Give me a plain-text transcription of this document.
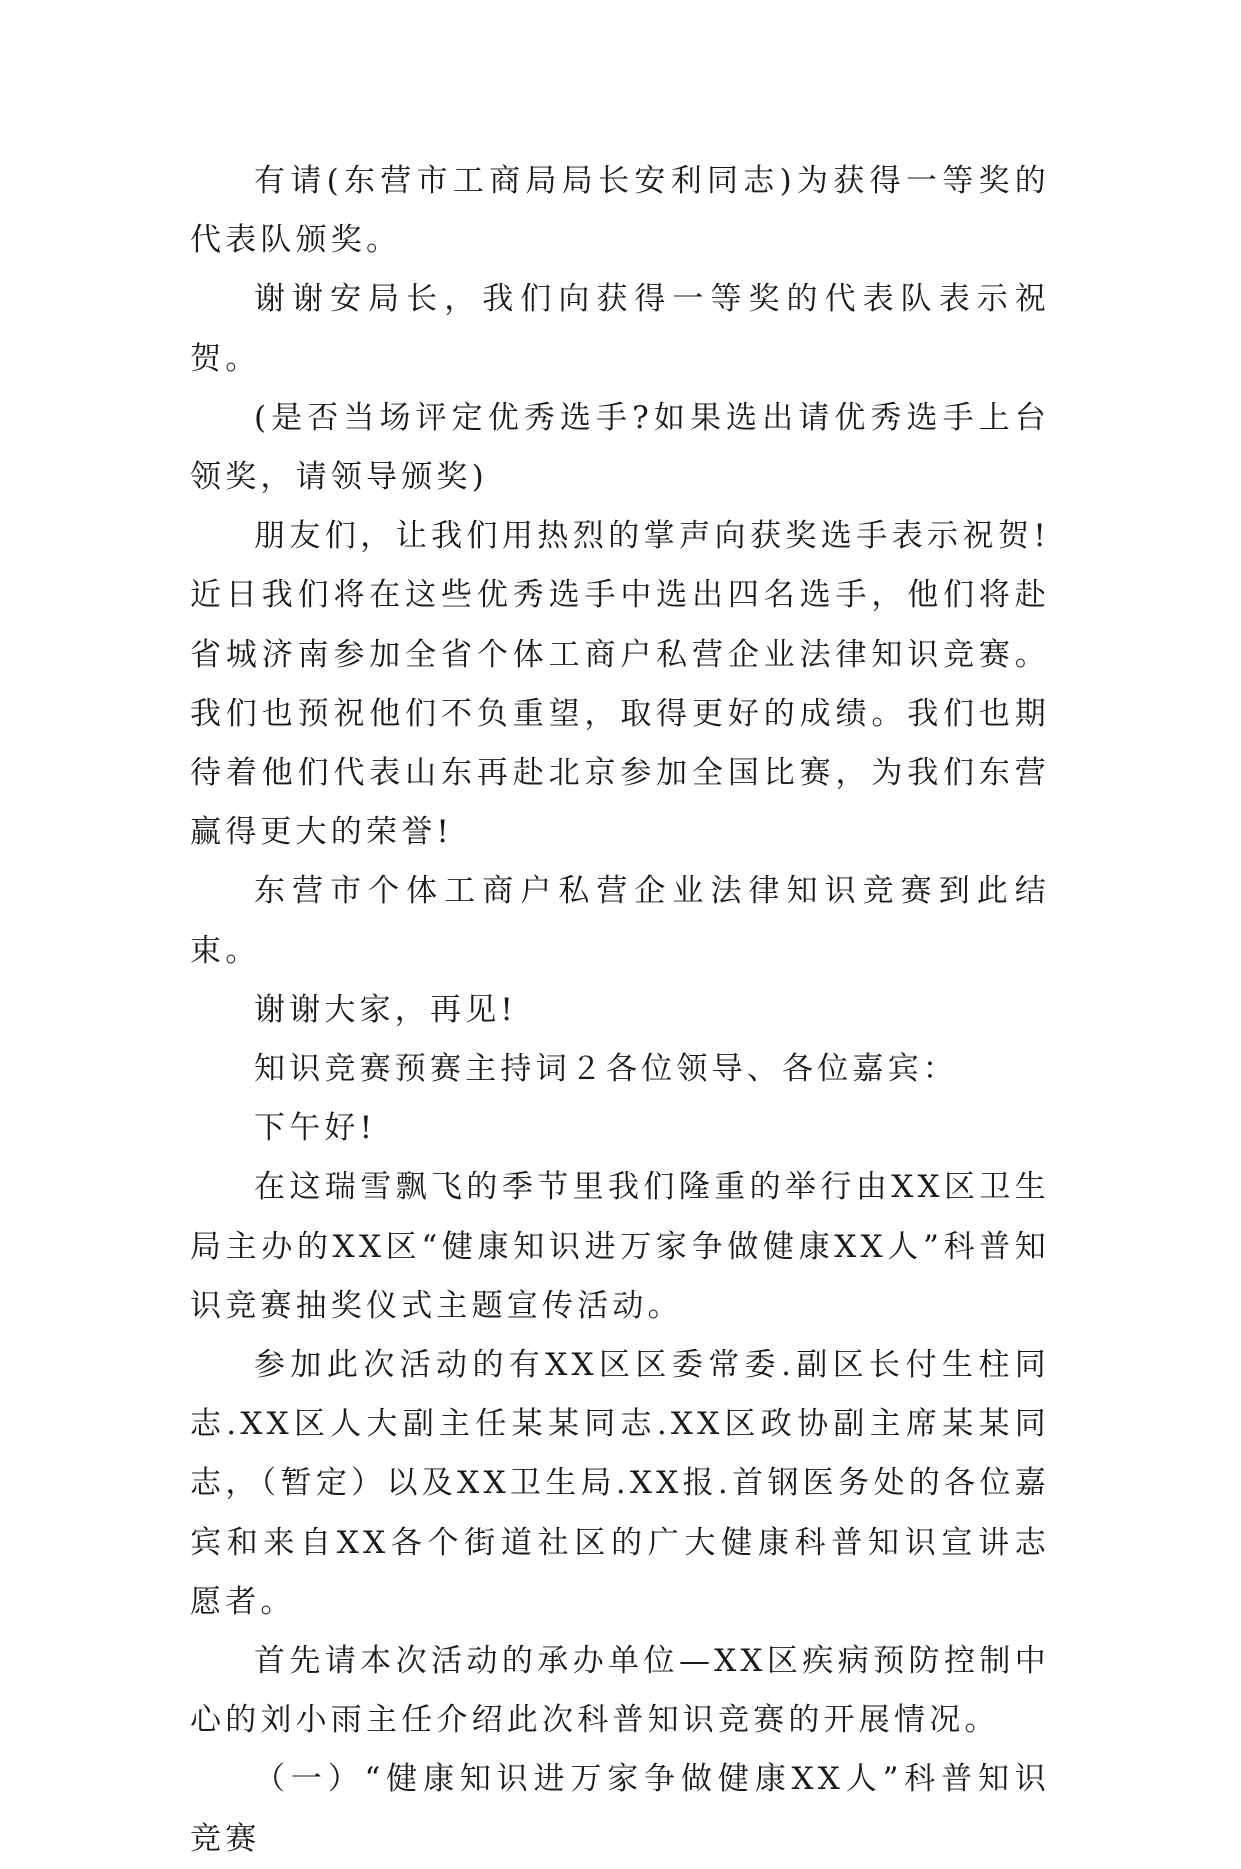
有请(东营市工商局局长安利同志)为获得一等奖的代表队颁奖。

谢谢安局长，我们向获得一等奖的代表队表示祝贺。

(是否当场评定优秀选手?如果选出请优秀选手上台领奖，请领导颁奖)

朋友们，让我们用热烈的掌声向获奖选手表示祝贺!近日我们将在这些优秀选手中选出四名选手，他们将赴省城济南参加全省个体工商户私营企业法律知识竞赛。我们也预祝他们不负重望，取得更好的成绩。我们也期待着他们代表山东再赴北京参加全国比赛，为我们东营赢得更大的荣誉!

东营市个体工商户私营企业法律知识竞赛到此结束。

谢谢大家，再见!

知识竞赛预赛主持词２各位领导、各位嘉宾：

下午好!

在这瑞雪飘飞的季节里我们隆重的举行由XX区卫生局主办的XX区“健康知识进万家争做健康XX人”科普知识竞赛抽奖仪式主题宣传活动。

参加此次活动的有XX区区委常委.副区长付生柱同志.XX区人大副主任某某同志.XX区政协副主席某某同志，（暂定）以及XX卫生局.XX报.首钢医务处的各位嘉宾和来自XX各个街道社区的广大健康科普知识宣讲志愿者。

首先请本次活动的承办单位—XX区疾病预防控制中心的刘小雨主任介绍此次科普知识竞赛的开展情况。

（一）“健康知识进万家争做健康XX人”科普知识竞赛
